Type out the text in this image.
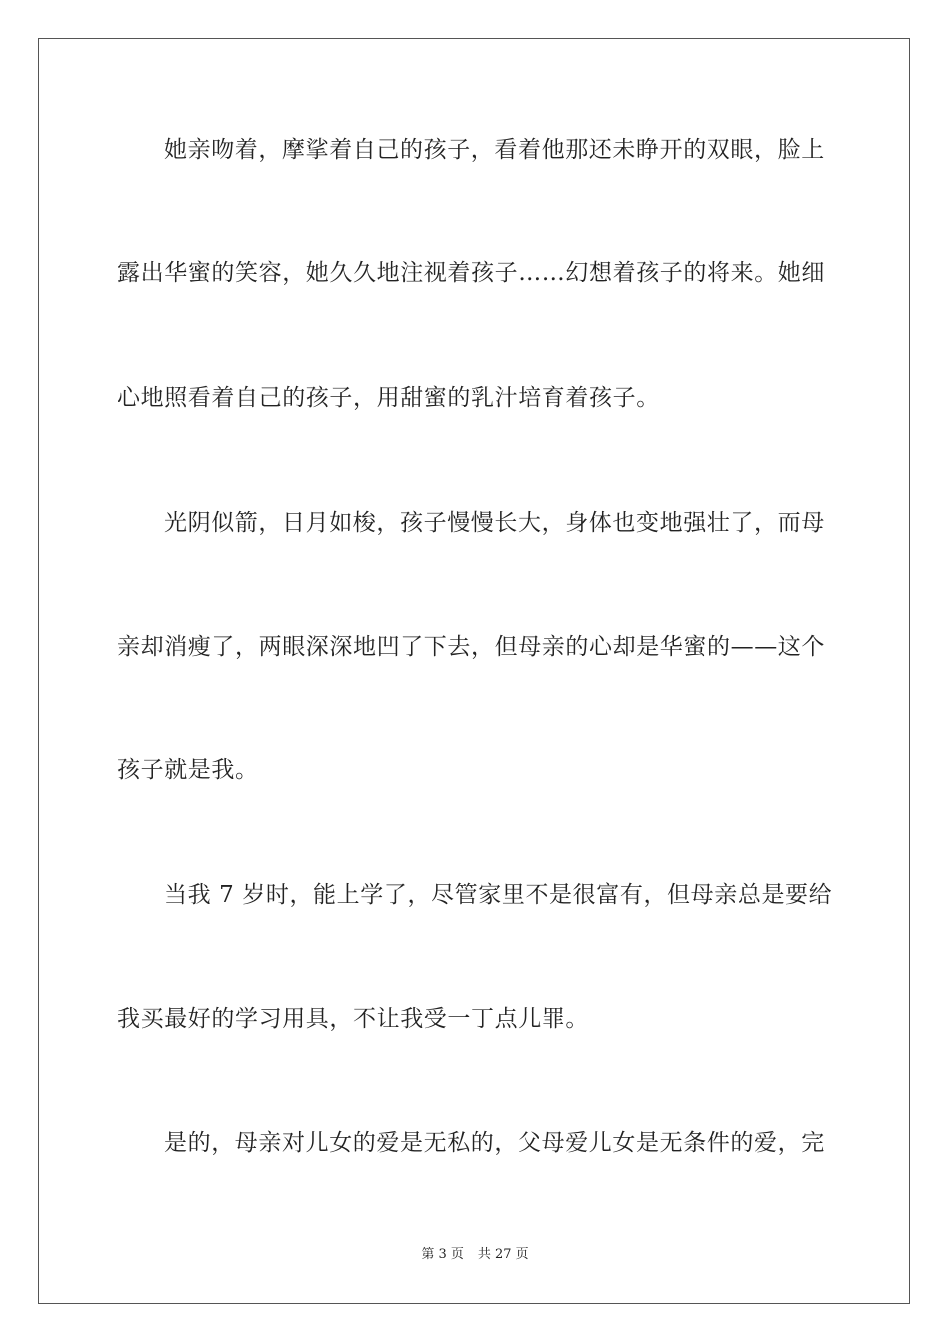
她亲吻着，摩挲着自己的孩子，看着他那还未睁开的双眼，脸上
露出华蜜的笑容，她久久地注视着孩子……幻想着孩子的将来。她细
心地照看着自己的孩子，用甜蜜的乳汁培育着孩子。
光阴似箭，日月如梭，孩子慢慢长大，身体也变地强壮了，而母
亲却消瘦了，两眼深深地凹了下去，但母亲的心却是华蜜的——这个
孩子就是我。
当我 7 岁时，能上学了，尽管家里不是很富有，但母亲总是要给
我买最好的学习用具，不让我受一丁点儿罪。
是的，母亲对儿女的爱是无私的，父母爱儿女是无条件的爱，完
第 3 页 共 27 页
